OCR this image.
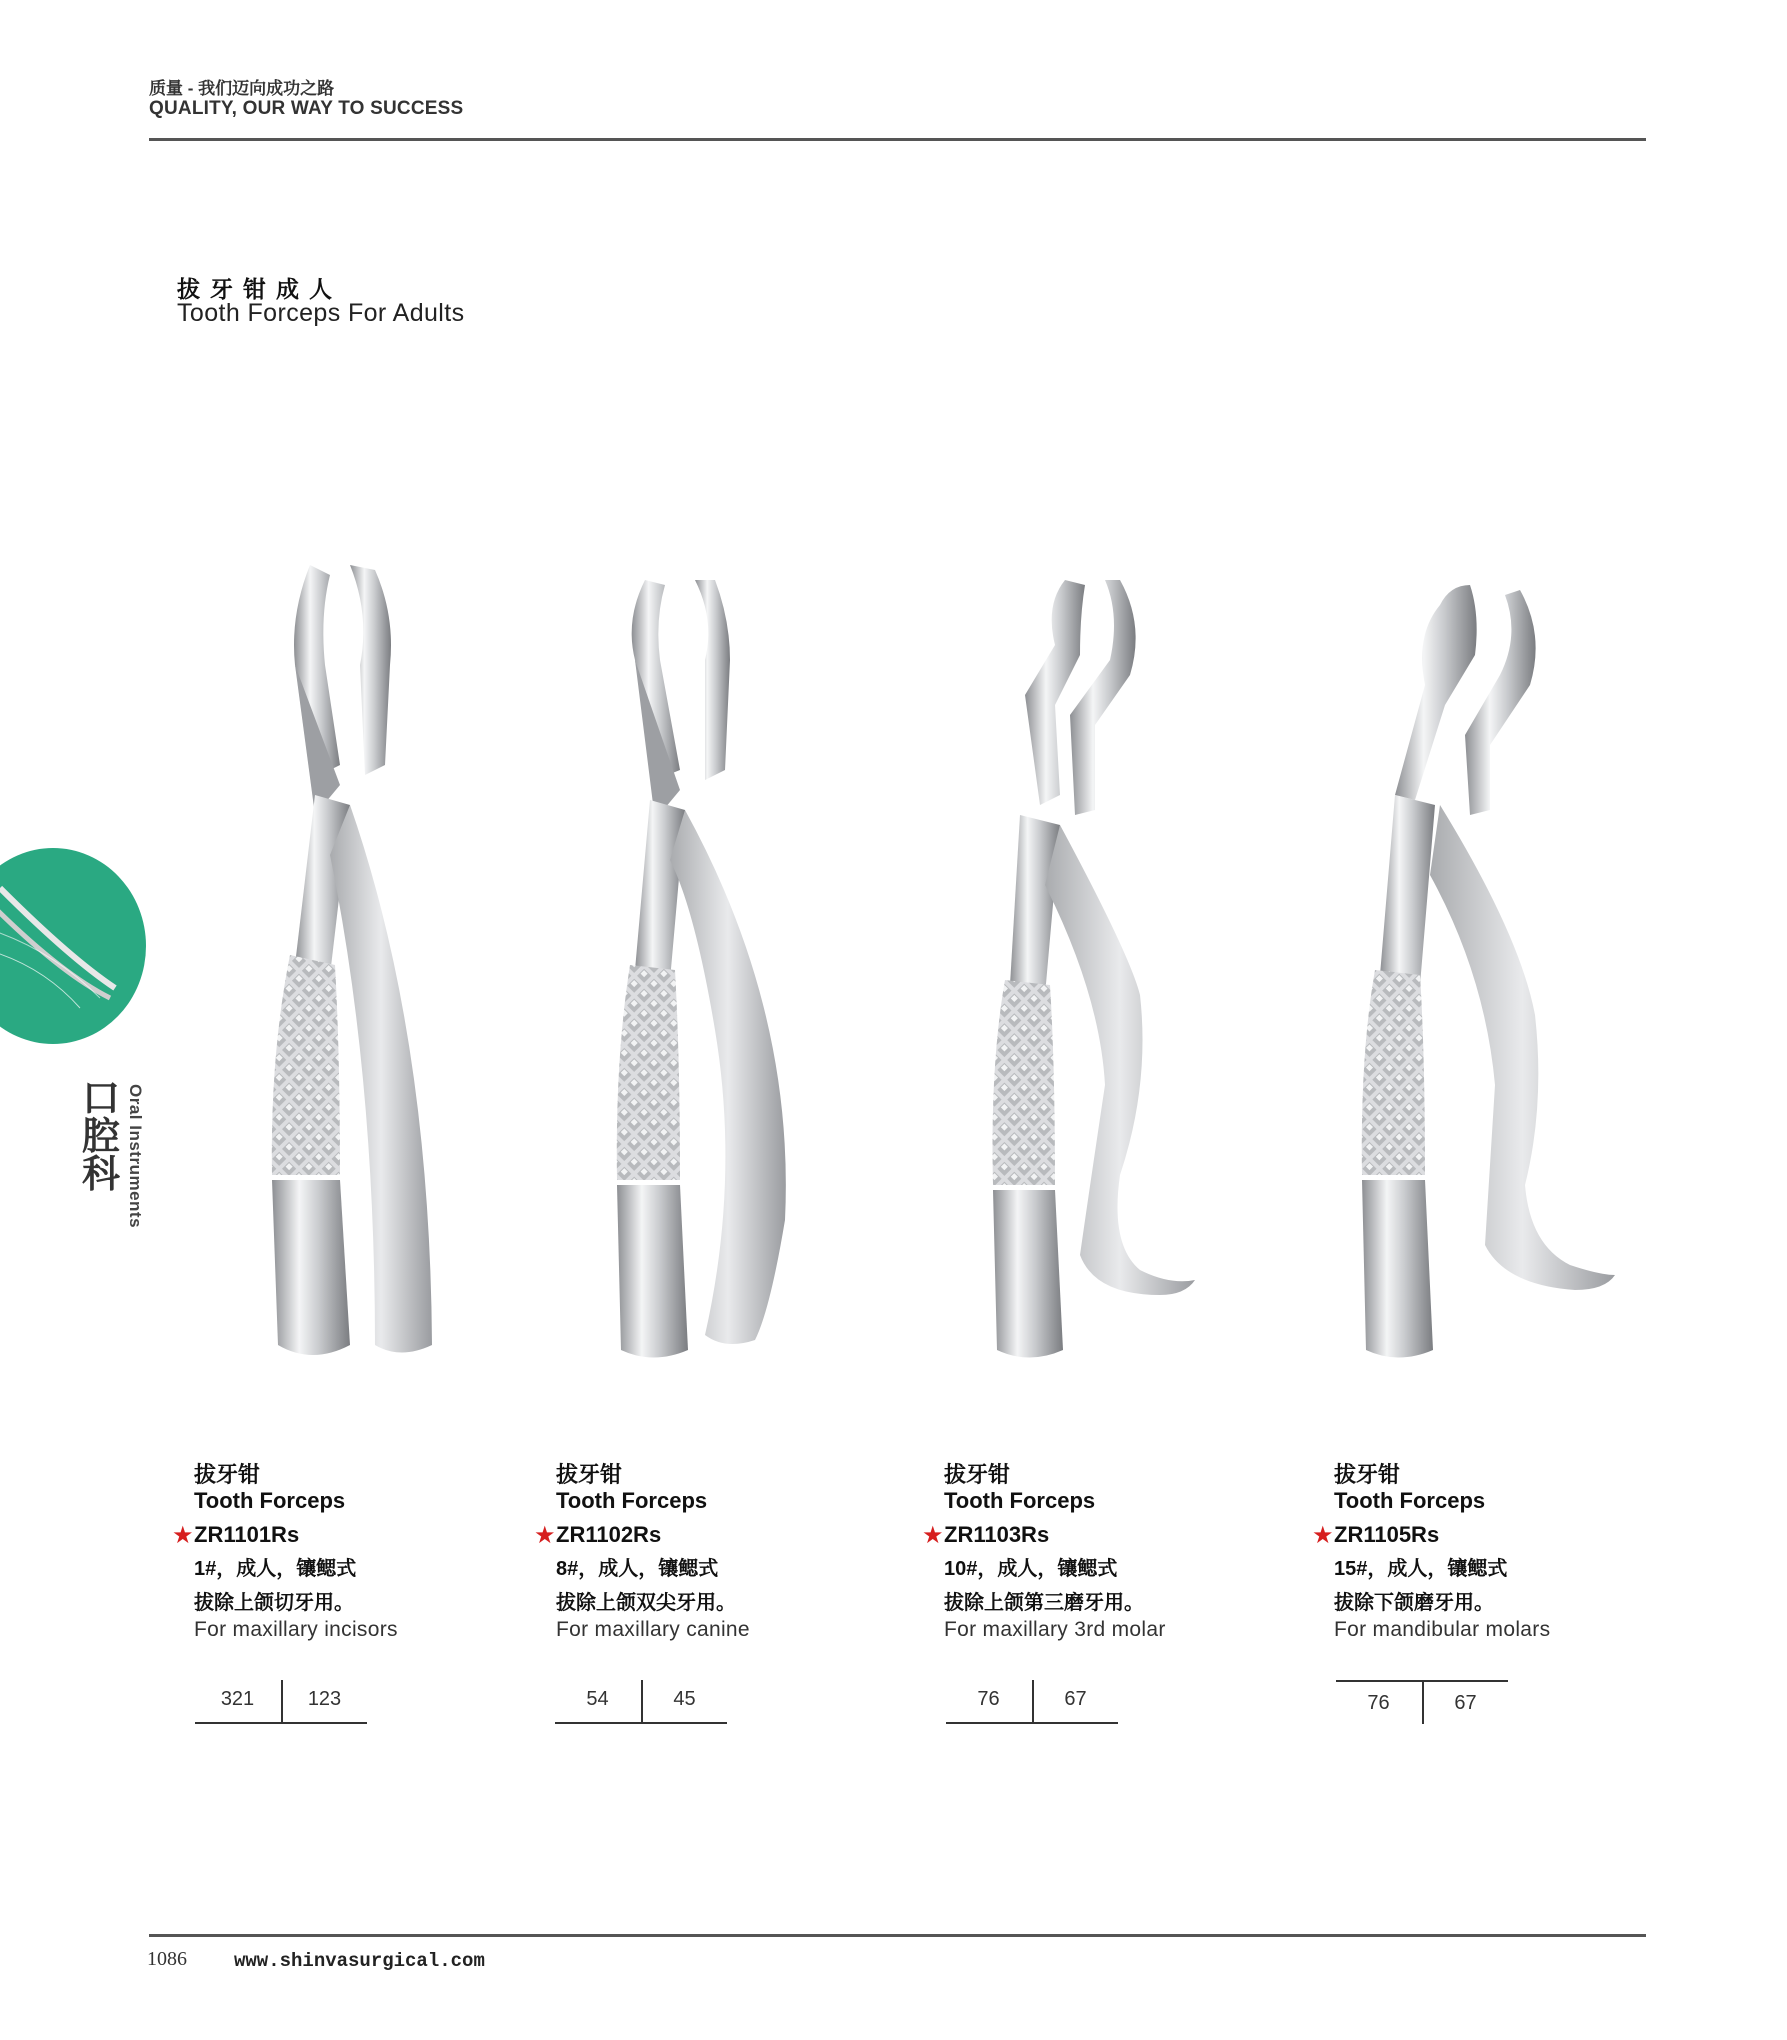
质量 - 我们迈向成功之路
QUALITY, OUR WAY TO SUCCESS
拔牙钳成人
Tooth Forceps For Adults
口
腔
科 Oral Instruments
拔牙钳
Tooth Forceps
★ ZR1101Rs
1#，成人，镶鳃式
拔除上颌切牙用。
For maxillary incisors
321	123
拔牙钳
Tooth Forceps
★ ZR1102Rs
8#，成人，镶鳃式
拔除上颌双尖牙用。
For maxillary canine
54	45
拔牙钳
Tooth Forceps
★ ZR1103Rs
10#，成人，镶鳃式
拔除上颌第三磨牙用。
For maxillary 3rd molar
76	67
拔牙钳
Tooth Forceps
★ ZR1105Rs
15#，成人，镶鳃式
拔除下颌磨牙用。
For mandibular molars
76	67
1086 www.shinvasurgical.com
